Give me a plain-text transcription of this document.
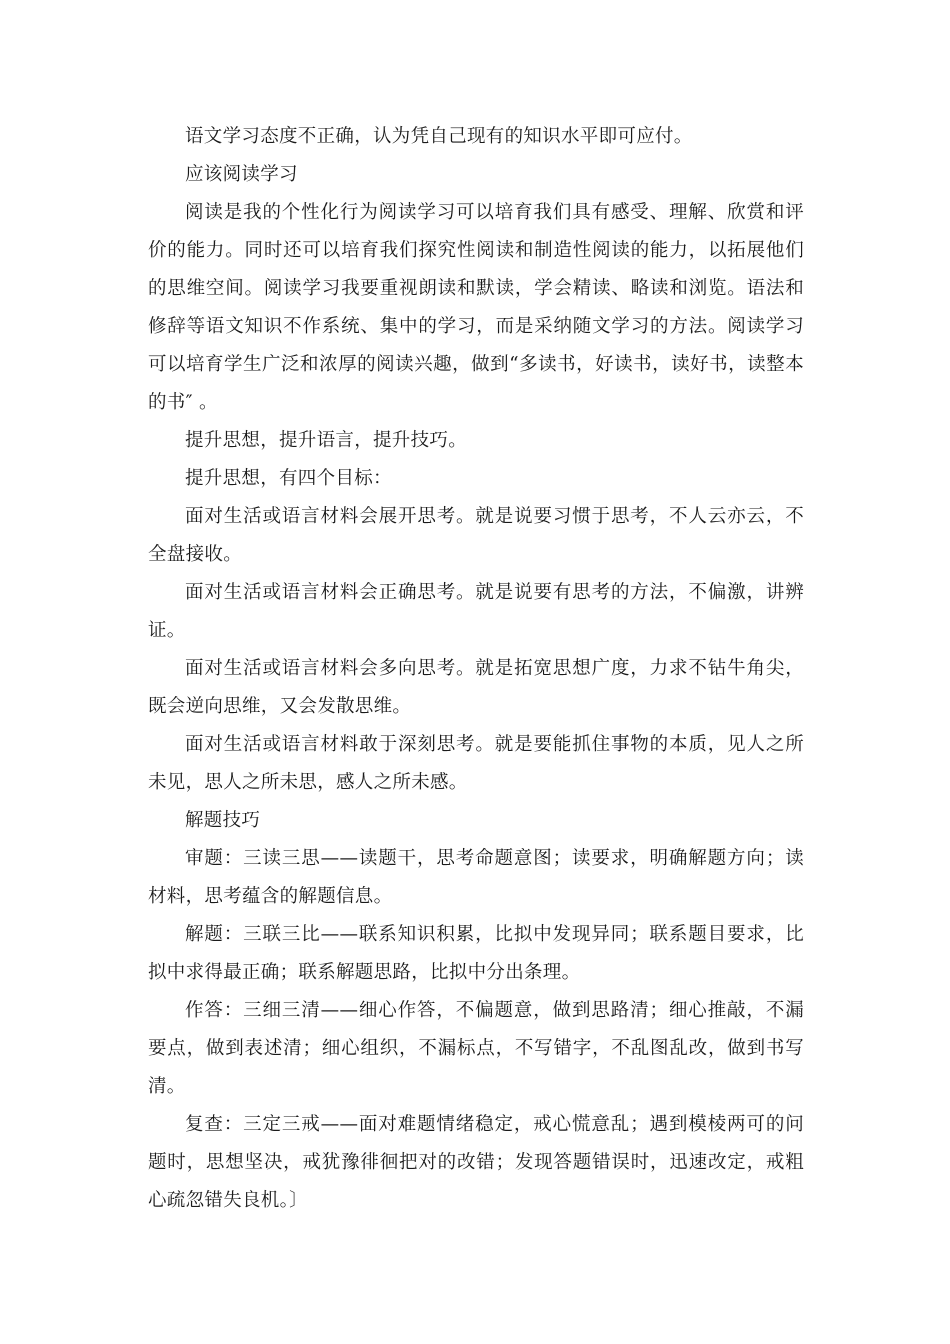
语文学习态度不正确，认为凭自己现有的知识水平即可应付。

应该阅读学习

阅读是我的个性化行为阅读学习可以培育我们具有感受、理解、欣赏和评价的能力。同时还可以培育我们探究性阅读和制造性阅读的能力，以拓展他们的思维空间。阅读学习我要重视朗读和默读，学会精读、略读和浏览。语法和修辞等语文知识不作系统、集中的学习，而是采纳随文学习的方法。阅读学习可以培育学生广泛和浓厚的阅读兴趣，做到“多读书，好读书，读好书，读整本的书″ 。

提升思想，提升语言，提升技巧。

提升思想，有四个目标：

面对生活或语言材料会展开思考。就是说要习惯于思考，不人云亦云，不全盘接收。

面对生活或语言材料会正确思考。就是说要有思考的方法，不偏激，讲辨证。

面对生活或语言材料会多向思考。就是拓宽思想广度，力求不钻牛角尖，既会逆向思维，又会发散思维。

面对生活或语言材料敢于深刻思考。就是要能抓住事物的本质，见人之所未见，思人之所未思，感人之所未感。

解题技巧

审题：三读三思——读题干，思考命题意图；读要求，明确解题方向；读材料，思考蕴含的解题信息。

解题：三联三比——联系知识积累，比拟中发现异同；联系题目要求，比拟中求得最正确；联系解题思路，比拟中分出条理。

作答：三细三清——细心作答，不偏题意，做到思路清；细心推敲，不漏要点，做到表述清；细心组织，不漏标点，不写错字，不乱图乱改，做到书写清。

复查：三定三戒——面对难题情绪稳定，戒心慌意乱；遇到模棱两可的问题时，思想坚决，戒犹豫徘徊把对的改错；发现答题错误时，迅速改定，戒粗心疏忽错失良机。〕
